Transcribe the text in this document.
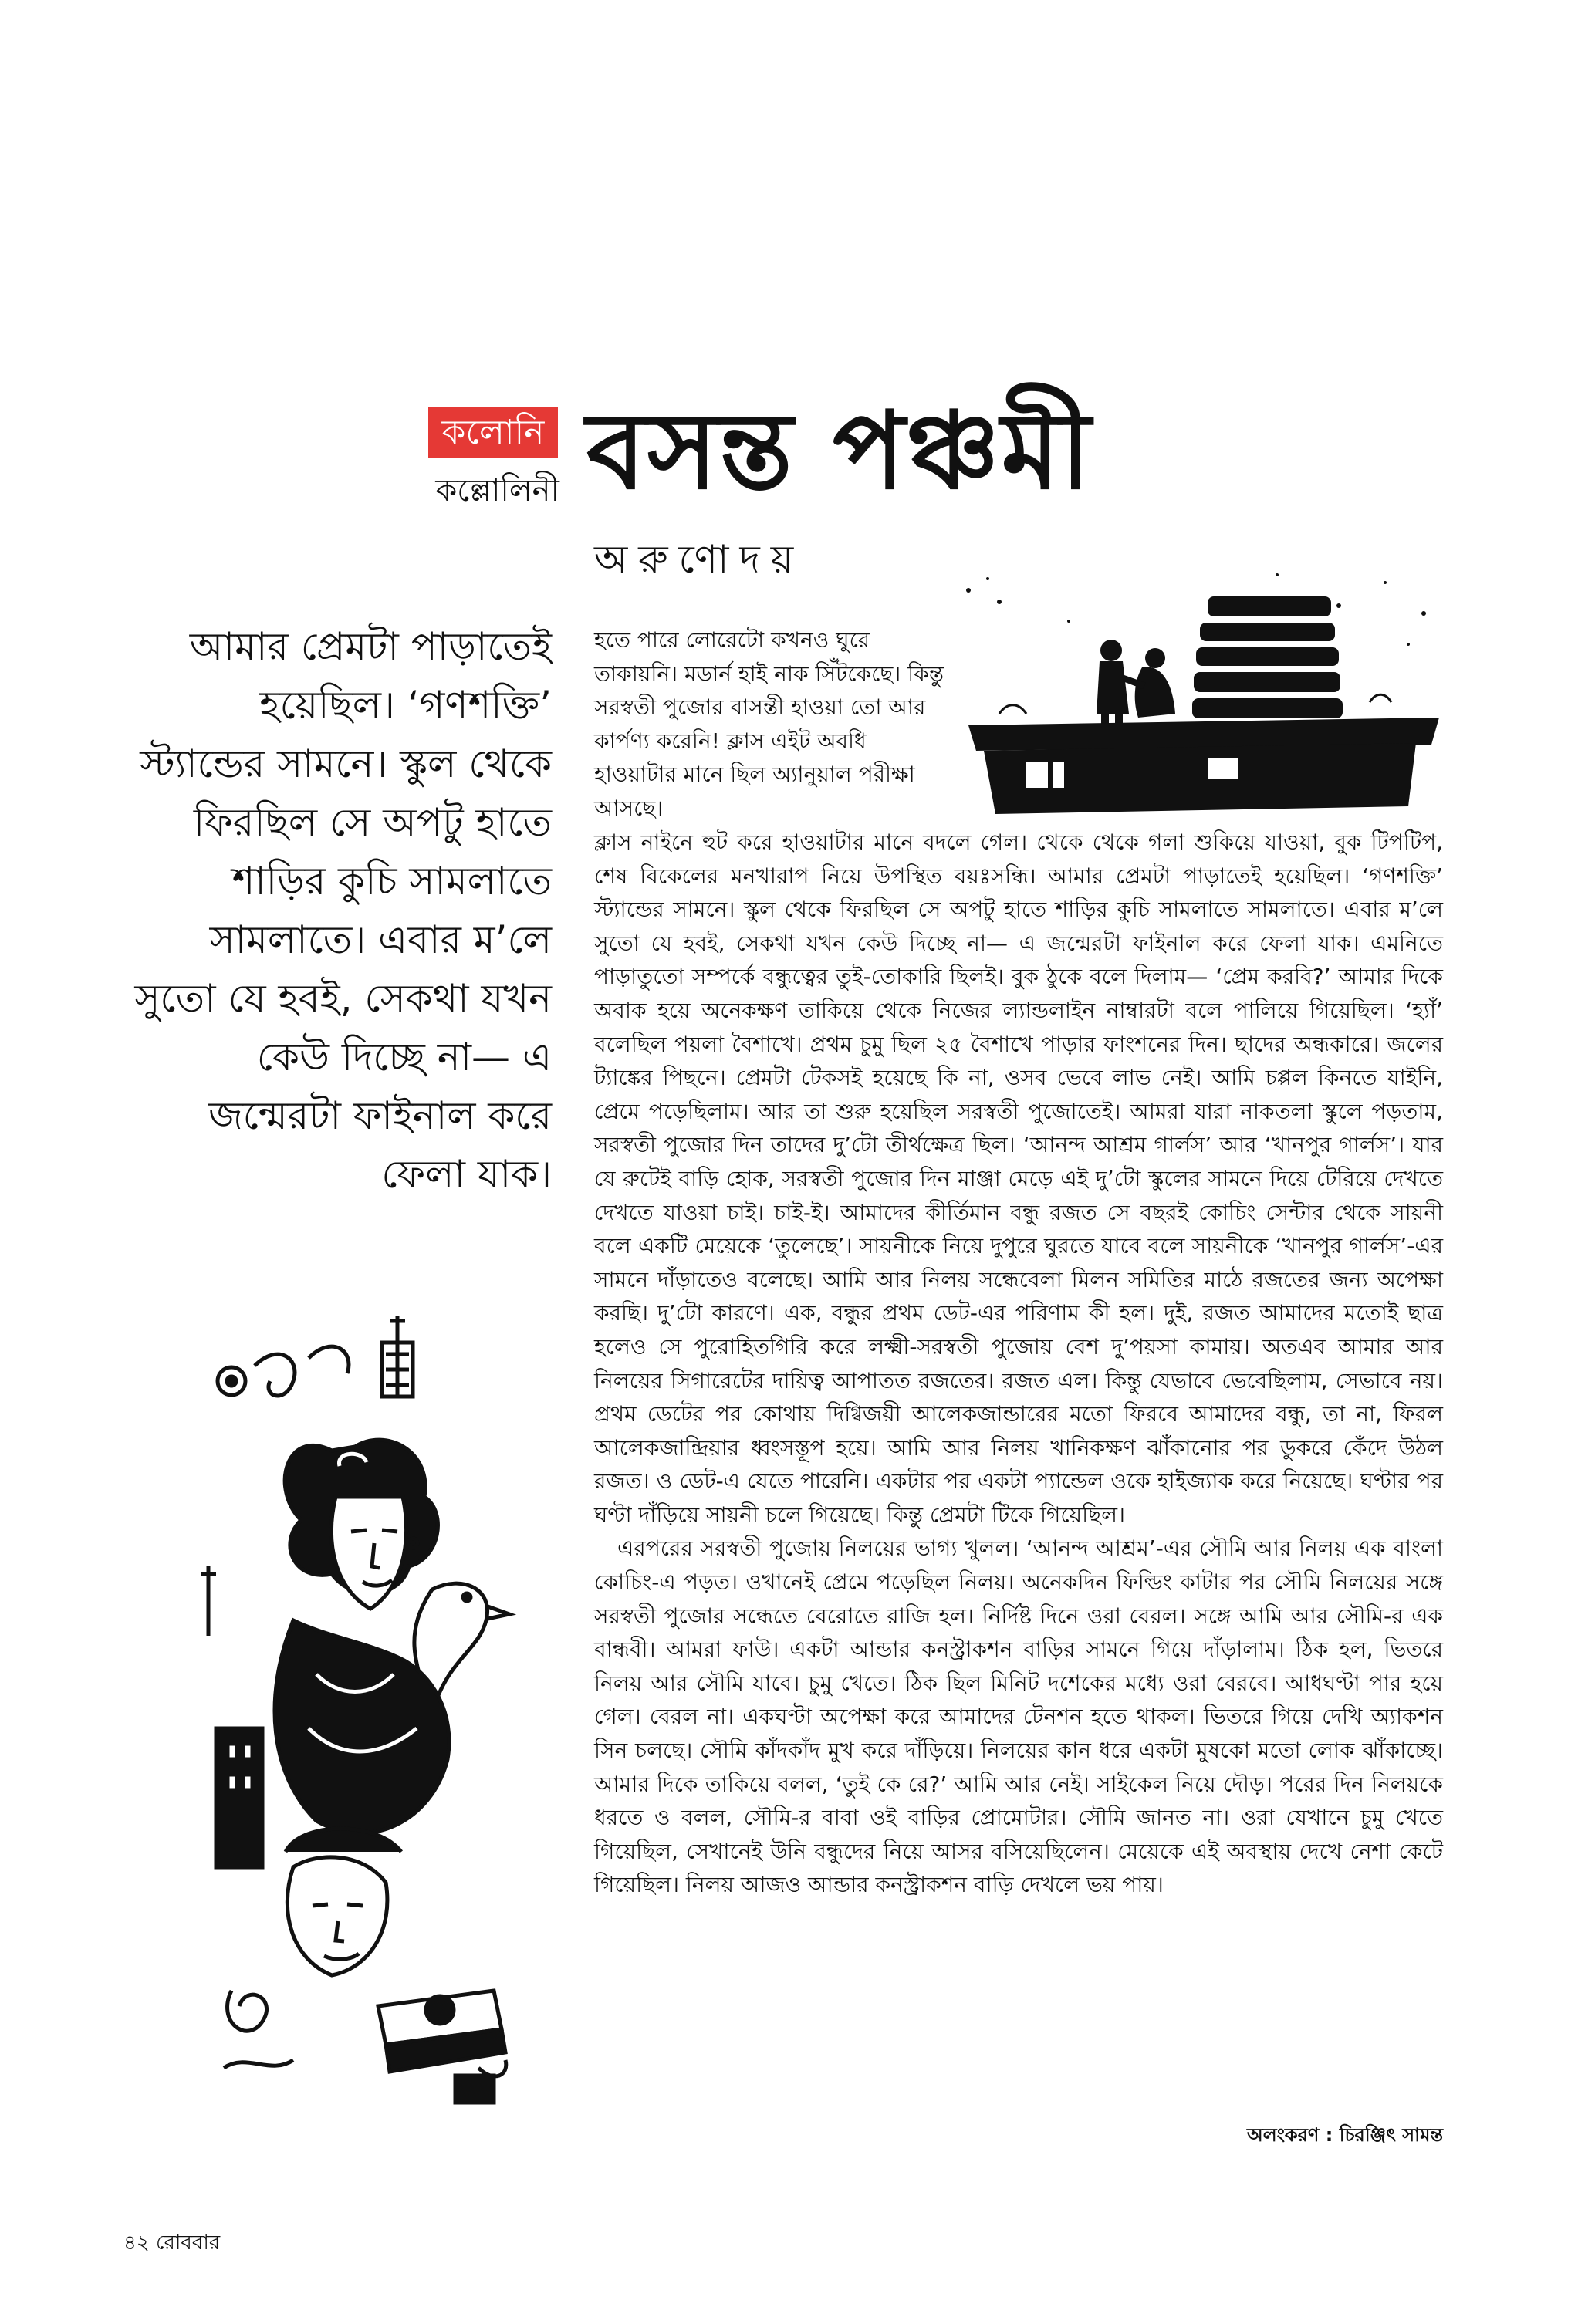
কলোনি
কল্লোলিনী বসন্ত পঞ্চমী
অরুণোদয়
আমার প্রেমটা পাড়াতেই হয়েছিল। ‘গণশক্তি’ স্ট্যান্ডের সামনে। স্কুল থেকে ফিরছিল সে অপটু হাতে শাড়ির কুচি সামলাতে সামলাতে। এবার ম’লে সুতো যে হবই, সেকথা যখন কেউ দিচ্ছে না— এ জন্মেরটা ফাইনাল করে ফেলা যাক।
হতে পারে লোরেটো কখনও ঘুরে তাকায়নি। মডার্ন হাই নাক সিঁটকেছে। কিন্তু সরস্বতী পুজোর বাসন্তী হাওয়া তো আর কার্পণ্য করেনি! ক্লাস এইট অবধি হাওয়াটার মানে ছিল অ্যানুয়াল পরীক্ষা আসছে।

ক্লাস নাইনে হুট করে হাওয়াটার মানে বদলে গেল। থেকে থেকে গলা শুকিয়ে যাওয়া, বুক টিপটিপ, শেষ বিকেলের মনখারাপ নিয়ে উপস্থিত বয়ঃসন্ধি। আমার প্রেমটা পাড়াতেই হয়েছিল। ‘গণশক্তি’ স্ট্যান্ডের সামনে। স্কুল থেকে ফিরছিল সে অপটু হাতে শাড়ির কুচি সামলাতে সামলাতে। এবার ম’লে সুতো যে হবই, সেকথা যখন কেউ দিচ্ছে না— এ জন্মেরটা ফাইনাল করে ফেলা যাক। এমনিতে পাড়াতুতো সম্পর্কে বন্ধুত্বের তুই-তোকারি ছিলই। বুক ঠুকে বলে দিলাম— ‘প্রেম করবি?’ আমার দিকে অবাক হয়ে অনেকক্ষণ তাকিয়ে থেকে নিজের ল্যান্ডলাইন নাম্বারটা বলে পালিয়ে গিয়েছিল। ‘হ্যাঁ’ বলেছিল পয়লা বৈশাখে। প্রথম চুমু ছিল ২৫ বৈশাখে পাড়ার ফাংশনের দিন। ছাদের অন্ধকারে। জলের ট্যাঙ্কের পিছনে। প্রেমটা টেকসই হয়েছে কি না, ওসব ভেবে লাভ নেই। আমি চপ্পল কিনতে যাইনি, প্রেমে পড়েছিলাম। আর তা শুরু হয়েছিল সরস্বতী পুজোতেই। আমরা যারা নাকতলা স্কুলে পড়তাম, সরস্বতী পুজোর দিন তাদের দু’টো তীর্থক্ষেত্র ছিল। ‘আনন্দ আশ্রম গার্লস’ আর ‘খানপুর গার্লস’। যার যে রুটেই বাড়ি হোক, সরস্বতী পুজোর দিন মাঞ্জা মেড়ে এই দু’টো স্কুলের সামনে দিয়ে টেরিয়ে দেখতে দেখতে যাওয়া চাই। চাই-ই। আমাদের কীর্তিমান বন্ধু রজত সে বছরই কোচিং সেন্টার থেকে সায়নী বলে একটি মেয়েকে ‘তুলেছে’। সায়নীকে নিয়ে দুপুরে ঘুরতে যাবে বলে সায়নীকে ‘খানপুর গার্লস’-এর সামনে দাঁড়াতেও বলেছে। আমি আর নিলয় সন্ধেবেলা মিলন সমিতির মাঠে রজতের জন্য অপেক্ষা করছি। দু’টো কারণে। এক, বন্ধুর প্রথম ডেট-এর পরিণাম কী হল। দুই, রজত আমাদের মতোই ছাত্র হলেও সে পুরোহিতগিরি করে লক্ষ্মী-সরস্বতী পুজোয় বেশ দু’পয়সা কামায়। অতএব আমার আর নিলয়ের সিগারেটের দায়িত্ব আপাতত রজতের। রজত এল। কিন্তু যেভাবে ভেবেছিলাম, সেভাবে নয়। প্রথম ডেটের পর কোথায় দিগ্বিজয়ী আলেকজান্ডারের মতো ফিরবে আমাদের বন্ধু, তা না, ফিরল আলেকজান্দ্রিয়ার ধ্বংসস্তূপ হয়ে। আমি আর নিলয় খানিকক্ষণ ঝাঁকানোর পর ডুকরে কেঁদে উঠল রজত। ও ডেট-এ যেতে পারেনি। একটার পর একটা প্যান্ডেল ওকে হাইজ্যাক করে নিয়েছে। ঘণ্টার পর ঘণ্টা দাঁড়িয়ে সায়নী চলে গিয়েছে। কিন্তু প্রেমটা টিকে গিয়েছিল।

এরপরের সরস্বতী পুজোয় নিলয়ের ভাগ্য খুলল। ‘আনন্দ আশ্রম’-এর সৌমি আর নিলয় এক বাংলা কোচিং-এ পড়ত। ওখানেই প্রেমে পড়েছিল নিলয়। অনেকদিন ফিল্ডিং কাটার পর সৌমি নিলয়ের সঙ্গে সরস্বতী পুজোর সন্ধেতে বেরোতে রাজি হল। নির্দিষ্ট দিনে ওরা বেরল। সঙ্গে আমি আর সৌমি-র এক বান্ধবী। আমরা ফাউ। একটা আন্ডার কনস্ট্রাকশন বাড়ির সামনে গিয়ে দাঁড়ালাম। ঠিক হল, ভিতরে নিলয় আর সৌমি যাবে। চুমু খেতে। ঠিক ছিল মিনিট দশেকের মধ্যে ওরা বেরবে। আধঘণ্টা পার হয়ে গেল। বেরল না। একঘণ্টা অপেক্ষা করে আমাদের টেনশন হতে থাকল। ভিতরে গিয়ে দেখি অ্যাকশন সিন চলছে। সৌমি কাঁদকাঁদ মুখ করে দাঁড়িয়ে। নিলয়ের কান ধরে একটা মুষকো মতো লোক ঝাঁকাচ্ছে। আমার দিকে তাকিয়ে বলল, ‘তুই কে রে?’ আমি আর নেই। সাইকেল নিয়ে দৌড়। পরের দিন নিলয়কে ধরতে ও বলল, সৌমি-র বাবা ওই বাড়ির প্রোমোটার। সৌমি জানত না। ওরা যেখানে চুমু খেতে গিয়েছিল, সেখানেই উনি বন্ধুদের নিয়ে আসর বসিয়েছিলেন। মেয়েকে এই অবস্থায় দেখে নেশা কেটে গিয়েছিল। নিলয় আজও আন্ডার কনস্ট্রাকশন বাড়ি দেখলে ভয় পায়।

অলংকরণ : চিরঞ্জিৎ সামন্ত
৪২ রোববার
